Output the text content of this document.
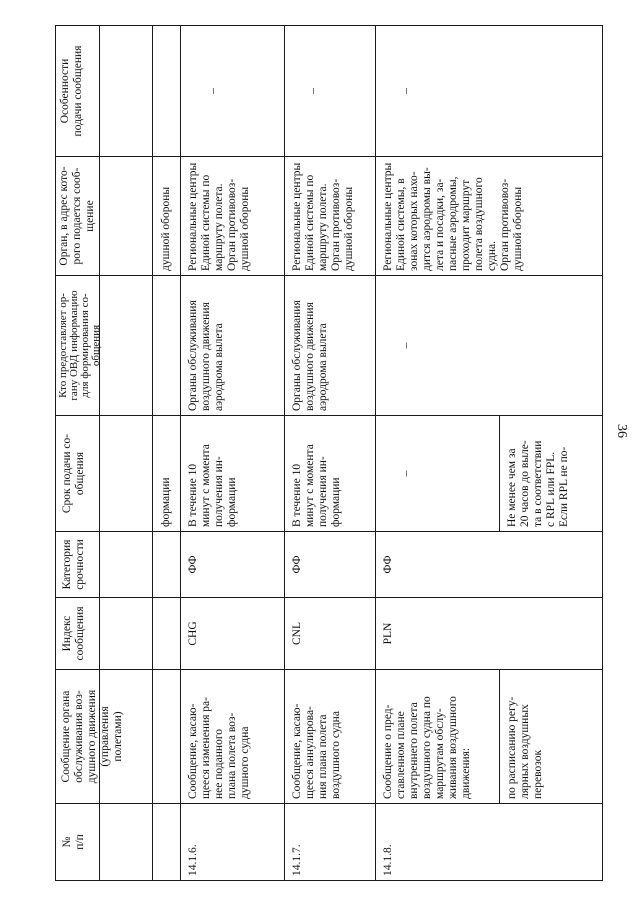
36
Особенности
подачи сообщения
Орган, в адрес кото-
рого подается сооб-
щение
Кто предоставляет ор-
гану ОВД информацию
для формирования со-
общения
Срок подачи со-
общения
Категория
срочности
Индекс
сообщения
Сообщение органа
обслуживания воз-
душного движения
(управления
полетами)
№
п/п
душной обороны
формации
–
Региональные центры
Единой системы по
маршруту полета.
Орган противовоз-
душной обороны
Органы обслуживания
воздушного движения
аэродрома вылета
В течение 10
минут с момента
получения ин-
формации
ФФ
CHG
Сообщение, касаю-
щееся изменения ра-
нее поданного
плана полета воз-
душного судна
14.1.6.
–
Региональные центры
Единой системы по
маршруту полета.
Орган противовоз-
душной обороны
Органы обслуживания
воздушного движения
аэродрома вылета
В течение 10
минут с момента
получения ин-
формации
ФФ
CNL
Сообщение, касаю-
щееся аннулирова-
ния плана полета
воздушного судна
14.1.7.
–
Региональные центры
Единой системы, в
зонах которых нахо-
дится аэродромы вы-
лета и посадки, за-
пасные аэродромы,
проходит маршрут
полета воздушного
судна.
Орган противовоз-
душной обороны
–
–
Не менее чем за
20 часов до выле-
та в соответствии
с RPL или FPL.
Если RPL не по-
ФФ
PLN
Сообщение о пред-
ставленном плане
внутреннего полета
воздушного судна по
маршрутам обслу-
живания воздушного
движения:	по расписанию регу-
лярных воздушных
перевозок
14.1.8.
